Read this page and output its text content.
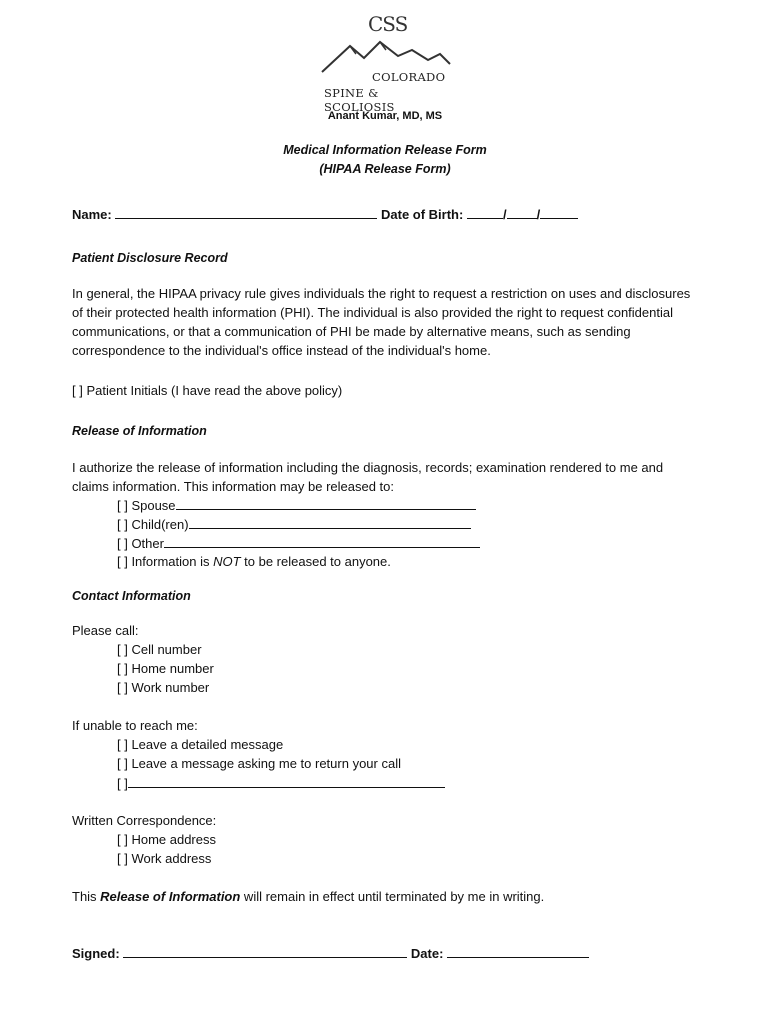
CSS
COLORADO
SPINE & SCOLIOSIS
Anant Kumar, MD, MS
Medical Information Release Form
(HIPAA Release Form)
Name:	Date of Birth:	/ /
Patient Disclosure Record
In general, the HIPAA privacy rule gives individuals the right to request a restriction on uses and disclosures of their protected health information (PHI). The individual is also provided the right to request confidential communications, or that a communication of PHI be made by alternative means, such as sending correspondence to the individual's office instead of the individual's home.
[ ] Patient Initials (I have read the above policy)
Release of Information
I authorize the release of information including the diagnosis, records; examination rendered to me and claims information. This information may be released to:
[ ] Spouse
[ ] Child(ren)
[ ] Other
[ ] Information is NOT to be released to anyone.
Contact Information
Please call:
[ ] Cell number
[ ] Home number
[ ] Work number
If unable to reach me:
[ ] Leave a detailed message
[ ] Leave a message asking me to return your call
[ ]
Written Correspondence:
[ ] Home address
[ ] Work address
This Release of Information will remain in effect until terminated by me in writing.
Signed:	Date:
